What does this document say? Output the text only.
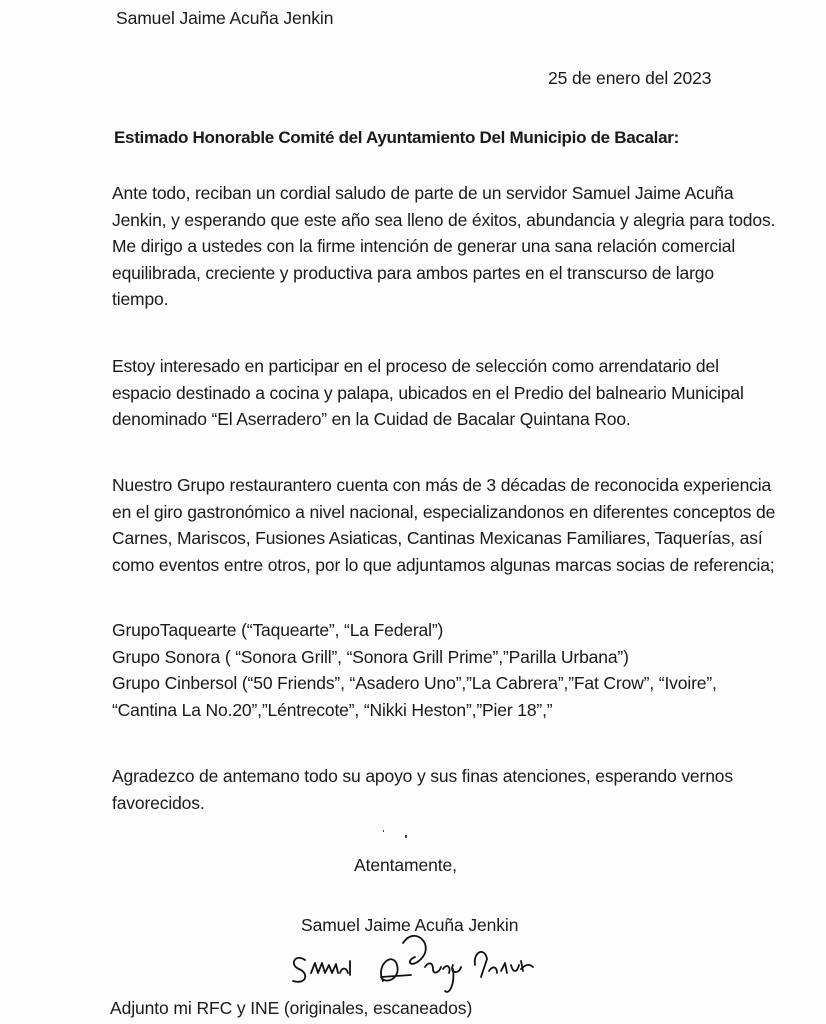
Samuel Jaime Acuña Jenkin
25 de enero del 2023
Estimado Honorable Comité del Ayuntamiento Del Municipio de Bacalar:
Ante todo, reciban un cordial saludo de parte de un servidor Samuel Jaime Acuña
Jenkin, y esperando que este año sea lleno de éxitos, abundancia y alegria para todos.
Me dirigo a ustedes con la firme intención de generar una sana relación comercial
equilibrada, creciente y productiva para ambos partes en el transcurso de largo
tiempo.
Estoy interesado en participar en el proceso de selección como arrendatario del
espacio destinado a cocina y palapa, ubicados en el Predio del balneario Municipal
denominado “El Aserradero” en la Cuidad de Bacalar Quintana Roo.
Nuestro Grupo restaurantero cuenta con más de 3 décadas de reconocida experiencia
en el giro gastronómico a nivel nacional, especializandonos en diferentes conceptos de
Carnes, Mariscos, Fusiones Asiaticas, Cantinas Mexicanas Familiares, Taquerías, así
como eventos entre otros, por lo que adjuntamos algunas marcas socias de referencia;
GrupoTaquearte (“Taquearte”, “La Federal”)
Grupo Sonora ( “Sonora Grill”, “Sonora Grill Prime”,”Parilla Urbana”)
Grupo Cinbersol (“50 Friends”, “Asadero Uno”,”La Cabrera”,”Fat Crow”, “Ivoire”,
“Cantina La No.20”,”Léntrecote”, “Nikki Heston”,”Pier 18”,”
Agradezco de antemano todo su apoyo y sus finas atenciones, esperando vernos
favorecidos.
Atentamente,
Samuel Jaime Acuña Jenkin
Adjunto mi RFC y INE (originales, escaneados)
